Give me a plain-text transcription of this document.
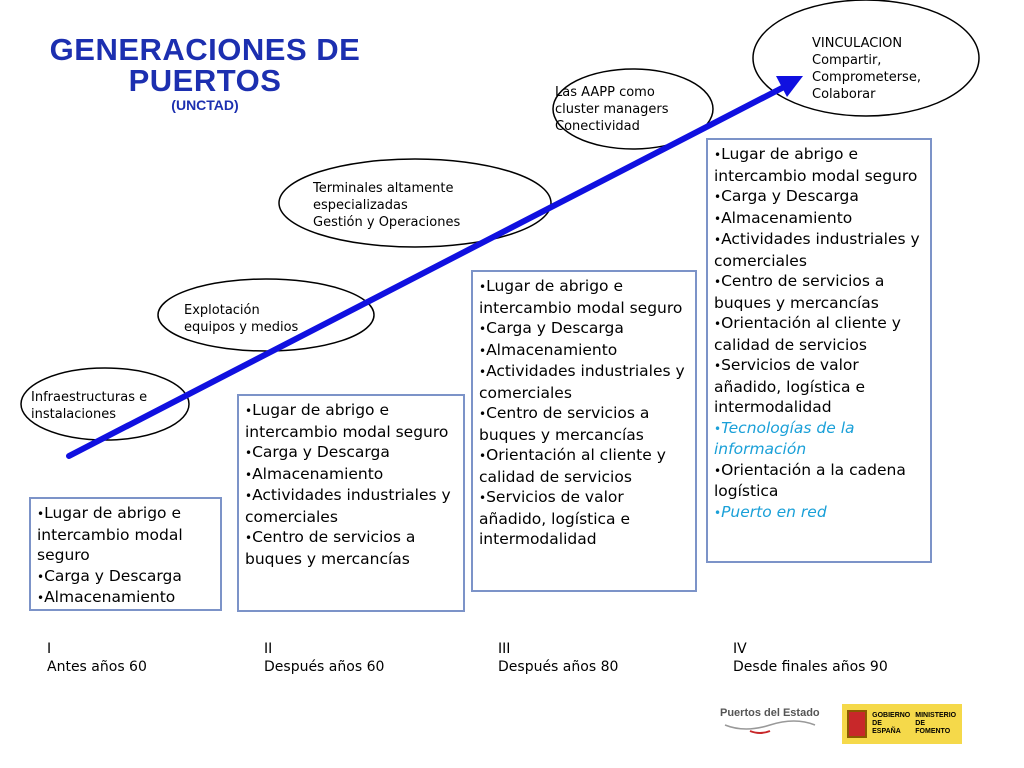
GENERACIONES DE
PUERTOS
(UNCTAD)
Infraestructuras e
instalaciones
Explotación
equipos y medios
Terminales altamente
especializadas
Gestión y Operaciones
Las AAPP como
cluster managers
Conectividad
VINCULACION
Compartir,
Comprometerse,
Colaborar
•Lugar de abrigo e intercambio modal seguro
•Carga y Descarga
•Almacenamiento
•Lugar de abrigo e intercambio modal seguro
•Carga y Descarga
•Almacenamiento
•Actividades industriales y comerciales
•Centro de servicios a buques y mercancías
•Lugar de abrigo e intercambio modal seguro
•Carga y Descarga
•Almacenamiento
•Actividades industriales y comerciales
•Centro de servicios a buques y mercancías
•Orientación al cliente y calidad de servicios
•Servicios de valor añadido, logística e intermodalidad
•Lugar de abrigo e intercambio modal seguro
•Carga y Descarga
•Almacenamiento
•Actividades industriales y comerciales
•Centro de servicios a buques y mercancías
•Orientación al cliente y calidad de servicios
•Servicios de valor añadido, logística e intermodalidad
•Tecnologías de la información
•Orientación a la cadena logística
•Puerto en red
I
Antes años 60
II
Después años 60
III
Después años 80
IV
Desde finales años 90
Puertos del Estado	GOBIERNO
DE ESPAÑA
MINISTERIO
DE FOMENTO
